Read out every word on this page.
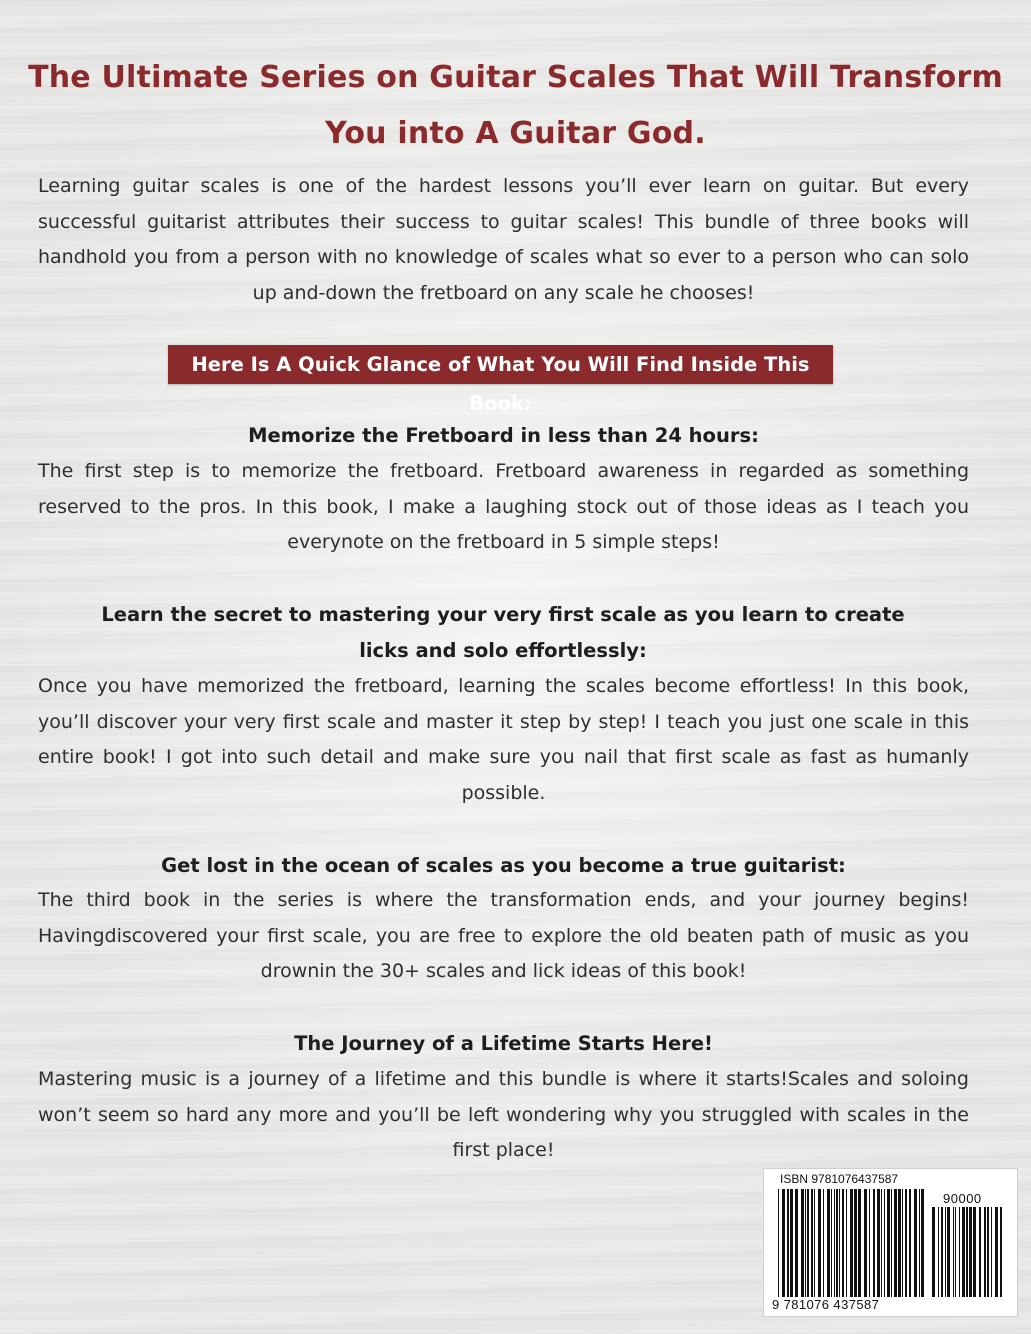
The Ultimate Series on Guitar Scales That Will Transform
You into A Guitar God.

Learning guitar scales is one of the hardest lessons you’ll ever learn on guitar. But every successful guitarist attributes their success to guitar scales! This bundle of three books will handhold you from a person with no knowledge of scales what so ever to a person who can solo up and-down the fretboard on any scale he chooses!

Here Is A Quick Glance of What You Will Find Inside This Book:
Memorize the Fretboard in less than 24 hours:

The first step is to memorize the fretboard. Fretboard awareness in regarded as something reserved to the pros. In this book, I make a laughing stock out of those ideas as I teach you everynote on the fretboard in 5 simple steps!

Learn the secret to mastering your very first scale as you learn to create licks and solo effortlessly:

Once you have memorized the fretboard, learning the scales become effortless! In this book, you’ll discover your very first scale and master it step by step! I teach you just one scale in this entire book! I got into such detail and make sure you nail that first scale as fast as humanly possible.

Get lost in the ocean of scales as you become a true guitarist:

The third book in the series is where the transformation ends, and your journey begins! Havingdiscovered your first scale, you are free to explore the old beaten path of music as you drownin the 30+ scales and lick ideas of this book!

The Journey of a Lifetime Starts Here!

Mastering music is a journey of a lifetime and this bundle is where it starts!Scales and soloing won’t seem so hard any more and you’ll be left wondering why you struggled with scales in the first place!

ISBN 9781076437587
90000
9 781076 437587
